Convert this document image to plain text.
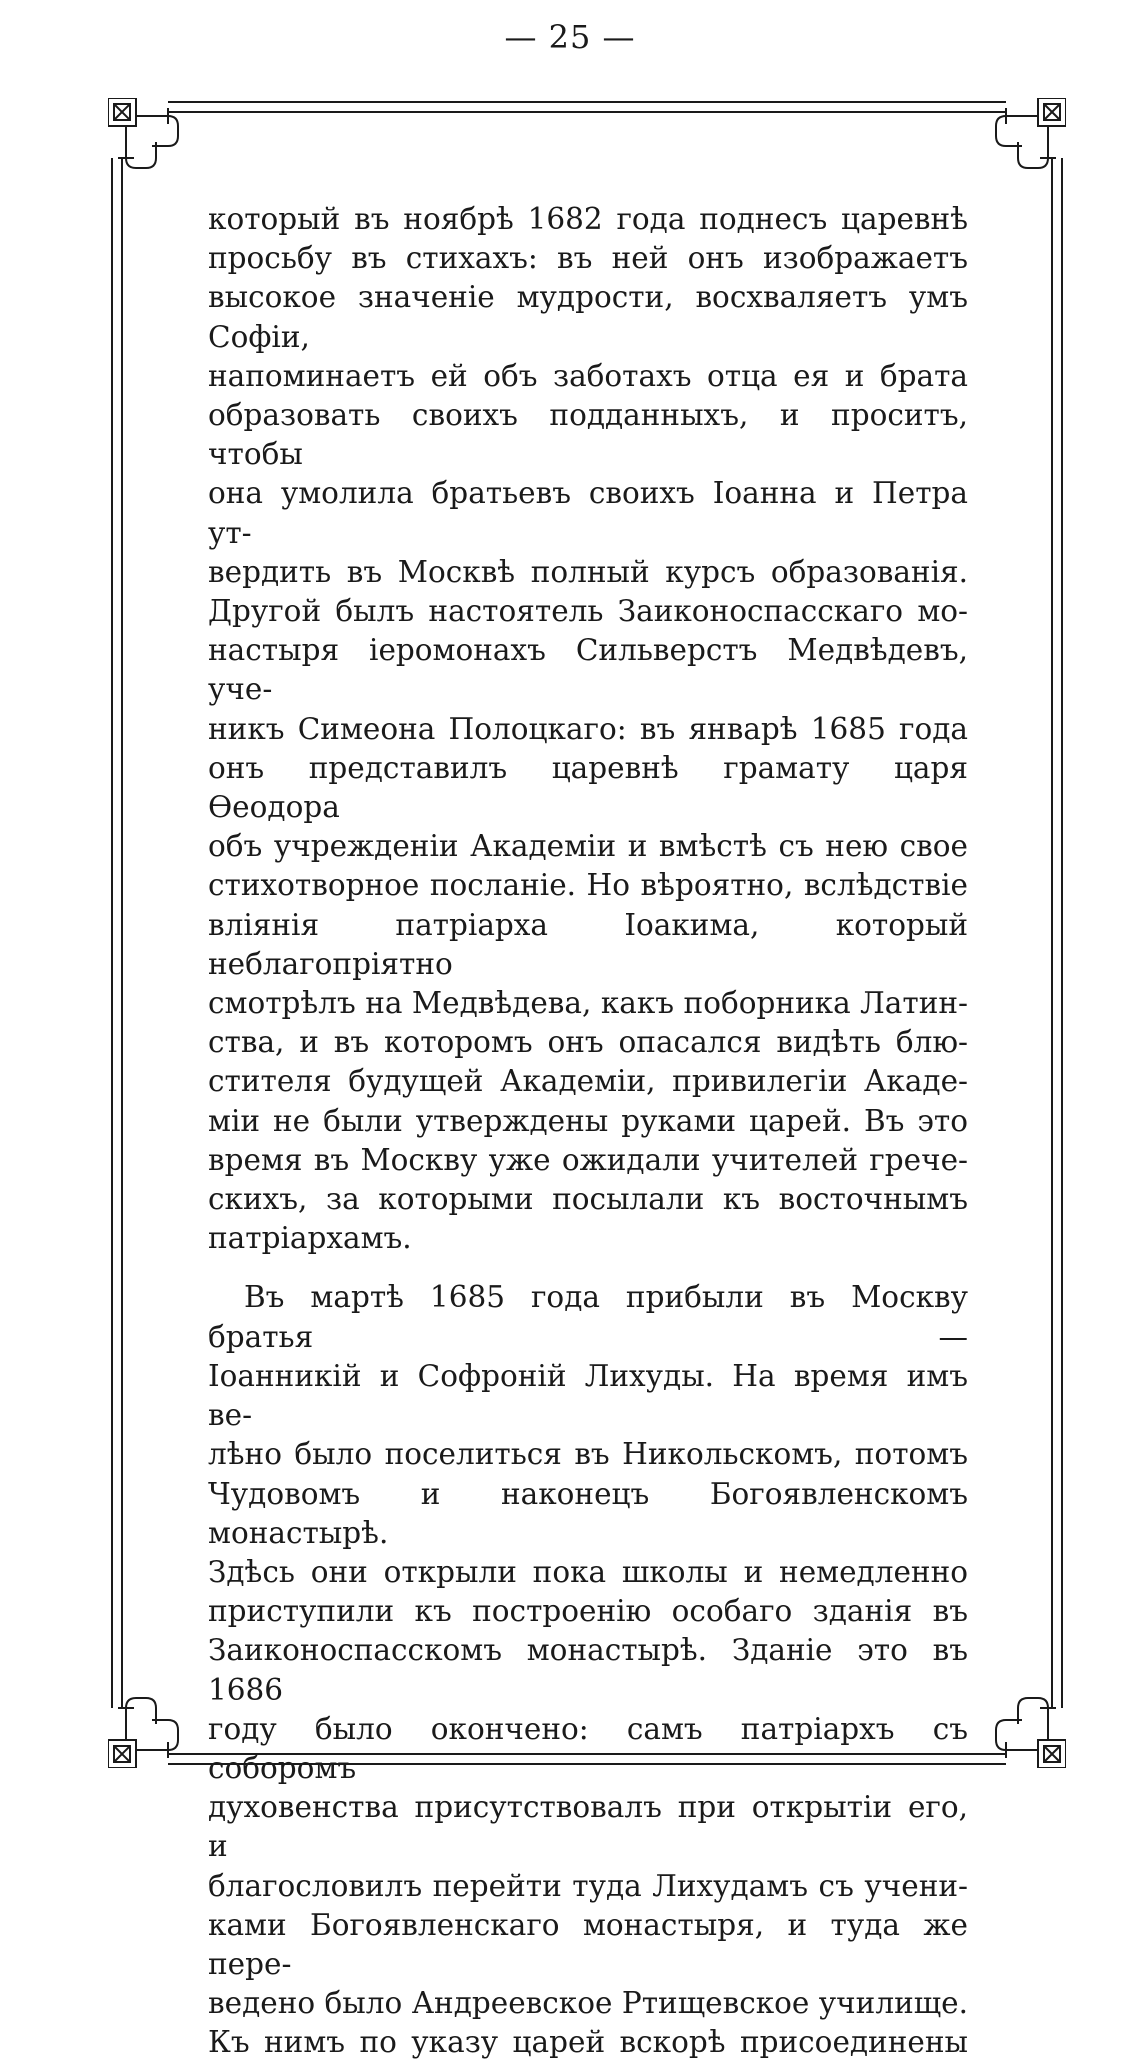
— 25 —

который въ ноябрѣ 1682 года поднесъ царевнѣ

просьбу въ стихахъ: въ ней онъ изображаетъ

высокое значеніе мудрости, восхваляетъ умъ Софіи,

напоминаетъ ей объ заботахъ отца ея и брата

образовать своихъ подданныхъ, и проситъ, чтобы

она умолила братьевъ своихъ Іоанна и Петра ут-

вердить въ Москвѣ полный курсъ образованія.

Другой былъ настоятель Заиконоспасскаго мо-

настыря іеромонахъ Сильверстъ Медвѣдевъ, уче-

никъ Симеона Полоцкаго: въ январѣ 1685 года

онъ представилъ царевнѣ грамату царя Ѳеодора

объ учрежденіи Академіи и вмѣстѣ съ нею свое

стихотворное посланіе. Но вѣроятно, вслѣдствіе

вліянія патріарха Іоакима, который неблагопріятно

смотрѣлъ на Медвѣдева, какъ поборника Латин-

ства, и въ которомъ онъ опасался видѣть блю-

стителя будущей Академіи, привилегіи Акаде-

міи не были утверждены руками царей. Въ это

время въ Москву уже ожидали учителей грече-

скихъ, за которыми посылали къ восточнымъ

патріархамъ.

Въ мартѣ 1685 года прибыли въ Москву братья —

Іоанникій и Софроній Лихуды. На время имъ ве-

лѣно было поселиться въ Никольскомъ, потомъ

Чудовомъ и наконецъ Богоявленскомъ монастырѣ.

Здѣсь они открыли пока школы и немедленно

приступили къ построенію особаго зданія въ

Заиконоспасскомъ монастырѣ. Зданіе это въ 1686

году было окончено: самъ патріархъ съ соборомъ

духовенства присутствовалъ при открытіи его, и

благословилъ перейти туда Лихудамъ съ учени-

ками Богоявленскаго монастыря, и туда же пере-

ведено было Андреевское Ртищевское училище.

Къ нимъ по указу царей вскорѣ присоединены
